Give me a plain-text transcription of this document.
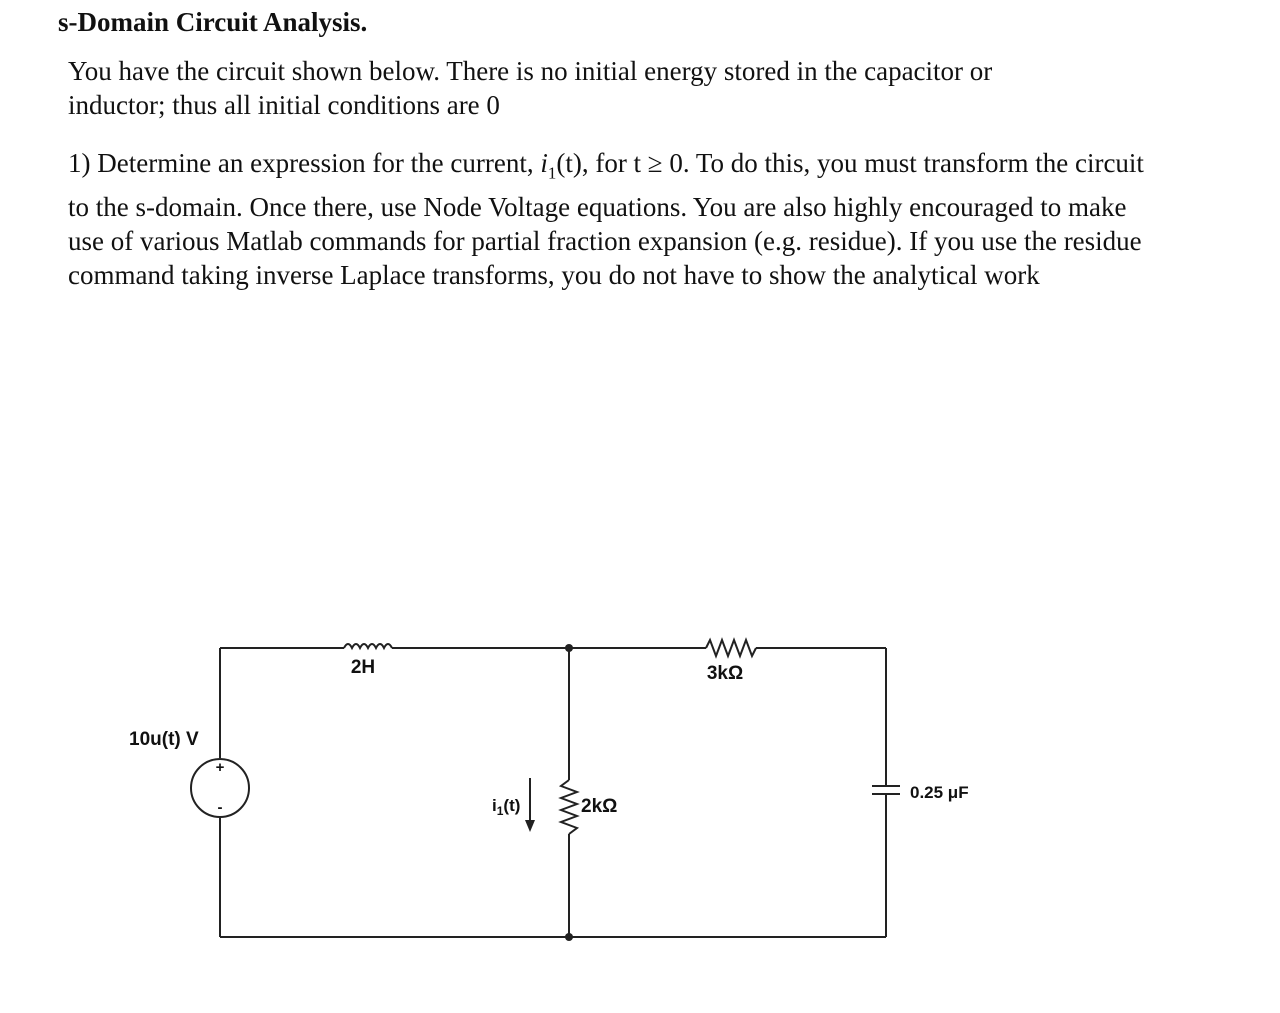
s-Domain Circuit Analysis.

You have the circuit shown below. There is no initial energy stored in the capacitor or
inductor; thus all initial conditions are 0

1) Determine an expression for the current, $i_1(t)$, for t ≥ 0. To do this, you must transform the circuit
to the s-domain. Once there, use Node Voltage equations. You are also highly encouraged to make
use of various Matlab commands for partial fraction expansion (e.g. residue). If you use the residue
command taking inverse Laplace transforms, you do not have to show the analytical work

10u(t) V
+
-
2H	3kΩ
$i_1(t)$	2kΩ
0.25 μF
